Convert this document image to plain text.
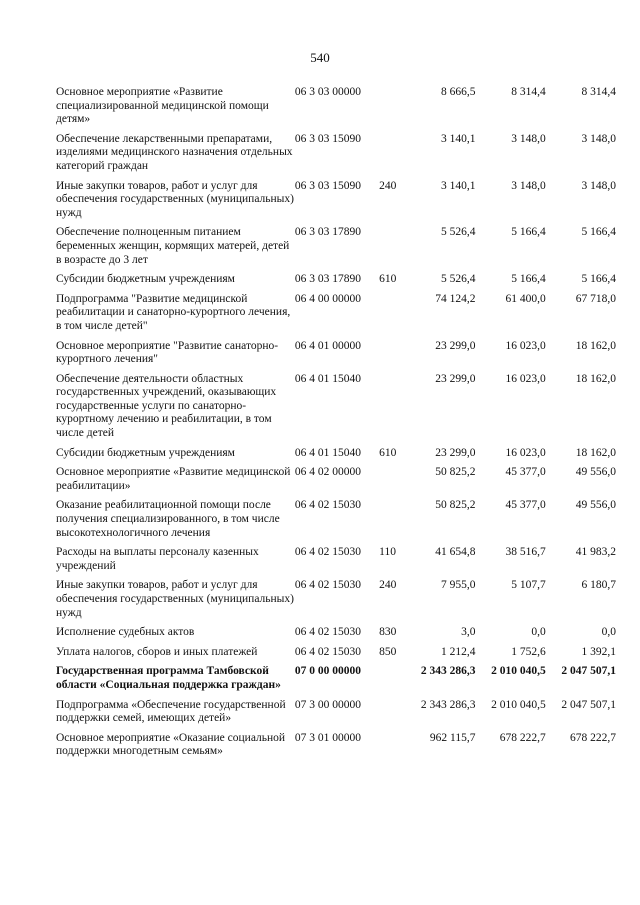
540
Основное мероприятие «Развитие специализированной медицинской помощи детям»	06 3 03 00000		8 666,5	8 314,4	8 314,4
Обеспечение лекарственными препаратами, изделиями медицинского назначения отдельных категорий граждан	06 3 03 15090		3 140,1	3 148,0	3 148,0
Иные закупки товаров, работ и услуг для обеспечения государственных (муниципальных) нужд	06 3 03 15090	240	3 140,1	3 148,0	3 148,0
Обеспечение полноценным питанием беременных женщин, кормящих матерей, детей в возрасте до 3 лет	06 3 03 17890		5 526,4	5 166,4	5 166,4
Субсидии бюджетным учреждениям	06 3 03 17890	610	5 526,4	5 166,4	5 166,4
Подпрограмма "Развитие медицинской реабилитации и санаторно-курортного лечения, в том числе детей"	06 4 00 00000		74 124,2	61 400,0	67 718,0
Основное мероприятие "Развитие санаторно-курортного лечения"	06 4 01 00000		23 299,0	16 023,0	18 162,0
Обеспечение деятельности областных государственных учреждений, оказывающих государственные услуги по санаторно-курортному лечению и реабилитации, в том числе детей	06 4 01 15040		23 299,0	16 023,0	18 162,0
Субсидии бюджетным учреждениям	06 4 01 15040	610	23 299,0	16 023,0	18 162,0
Основное мероприятие «Развитие медицинской реабилитации»	06 4 02 00000		50 825,2	45 377,0	49 556,0
Оказание реабилитационной помощи после получения специализированного, в том числе высокотехнологичного лечения	06 4 02 15030		50 825,2	45 377,0	49 556,0
Расходы на выплаты персоналу казенных учреждений	06 4 02 15030	110	41 654,8	38 516,7	41 983,2
Иные закупки товаров, работ и услуг для обеспечения государственных (муниципальных) нужд	06 4 02 15030	240	7 955,0	5 107,7	6 180,7
Исполнение судебных актов	06 4 02 15030	830	3,0	0,0	0,0
Уплата налогов, сборов и иных платежей	06 4 02 15030	850	1 212,4	1 752,6	1 392,1
Государственная программа Тамбовской области «Социальная поддержка граждан»	07 0 00 00000		2 343 286,3	2 010 040,5	2 047 507,1
Подпрограмма «Обеспечение государственной поддержки семей, имеющих детей»	07 3 00 00000		2 343 286,3	2 010 040,5	2 047 507,1
Основное мероприятие «Оказание социальной поддержки многодетным семьям»	07 3 01 00000		962 115,7	678 222,7	678 222,7
